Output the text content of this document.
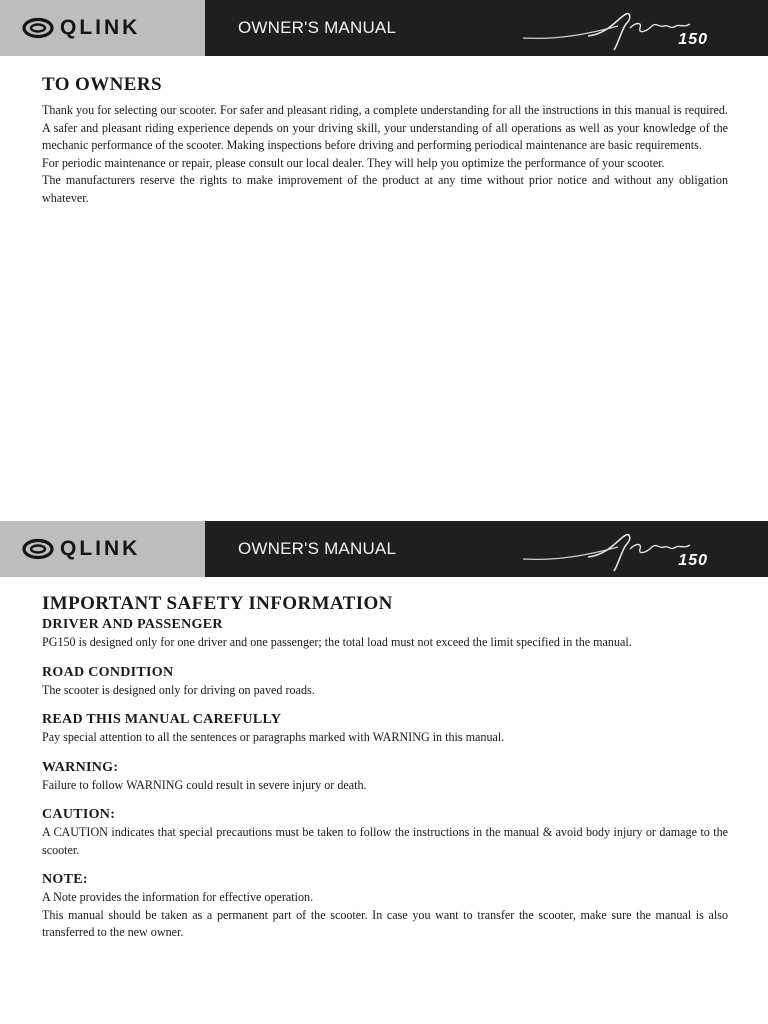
QLINK	OWNER'S MANUAL
150
TO OWNERS

Thank you for selecting our scooter. For safer and pleasant riding, a complete understanding for all the instructions in this manual is required. A safer and pleasant riding experience depends on your driving skill, your understanding of all operations as well as your knowledge of the mechanic performance of the scooter. Making inspections before driving and performing periodical maintenance are basic requirements.

For periodic maintenance or repair, please consult our local dealer. They will help you optimize the performance of your scooter.

The manufacturers reserve the rights to make improvement of the product at any time without prior notice and without any obligation whatever.

QLINK	OWNER'S MANUAL
150
IMPORTANT SAFETY INFORMATION
DRIVER AND PASSENGER

PG150 is designed only for one driver and one passenger; the total load must not exceed the limit specified in the manual.

ROAD CONDITION

The scooter is designed only for driving on paved roads.

READ THIS MANUAL CAREFULLY

Pay special attention to all the sentences or paragraphs marked with WARNING in this manual.

WARNING:

Failure to follow WARNING could result in severe injury or death.

CAUTION:

A CAUTION indicates that special precautions must be taken to follow the instructions in the manual & avoid body injury or damage to the scooter.

NOTE:

A Note provides the information for effective operation.

This manual should be taken as a permanent part of the scooter. In case you want to transfer the scooter, make sure the manual is also transferred to the new owner.
